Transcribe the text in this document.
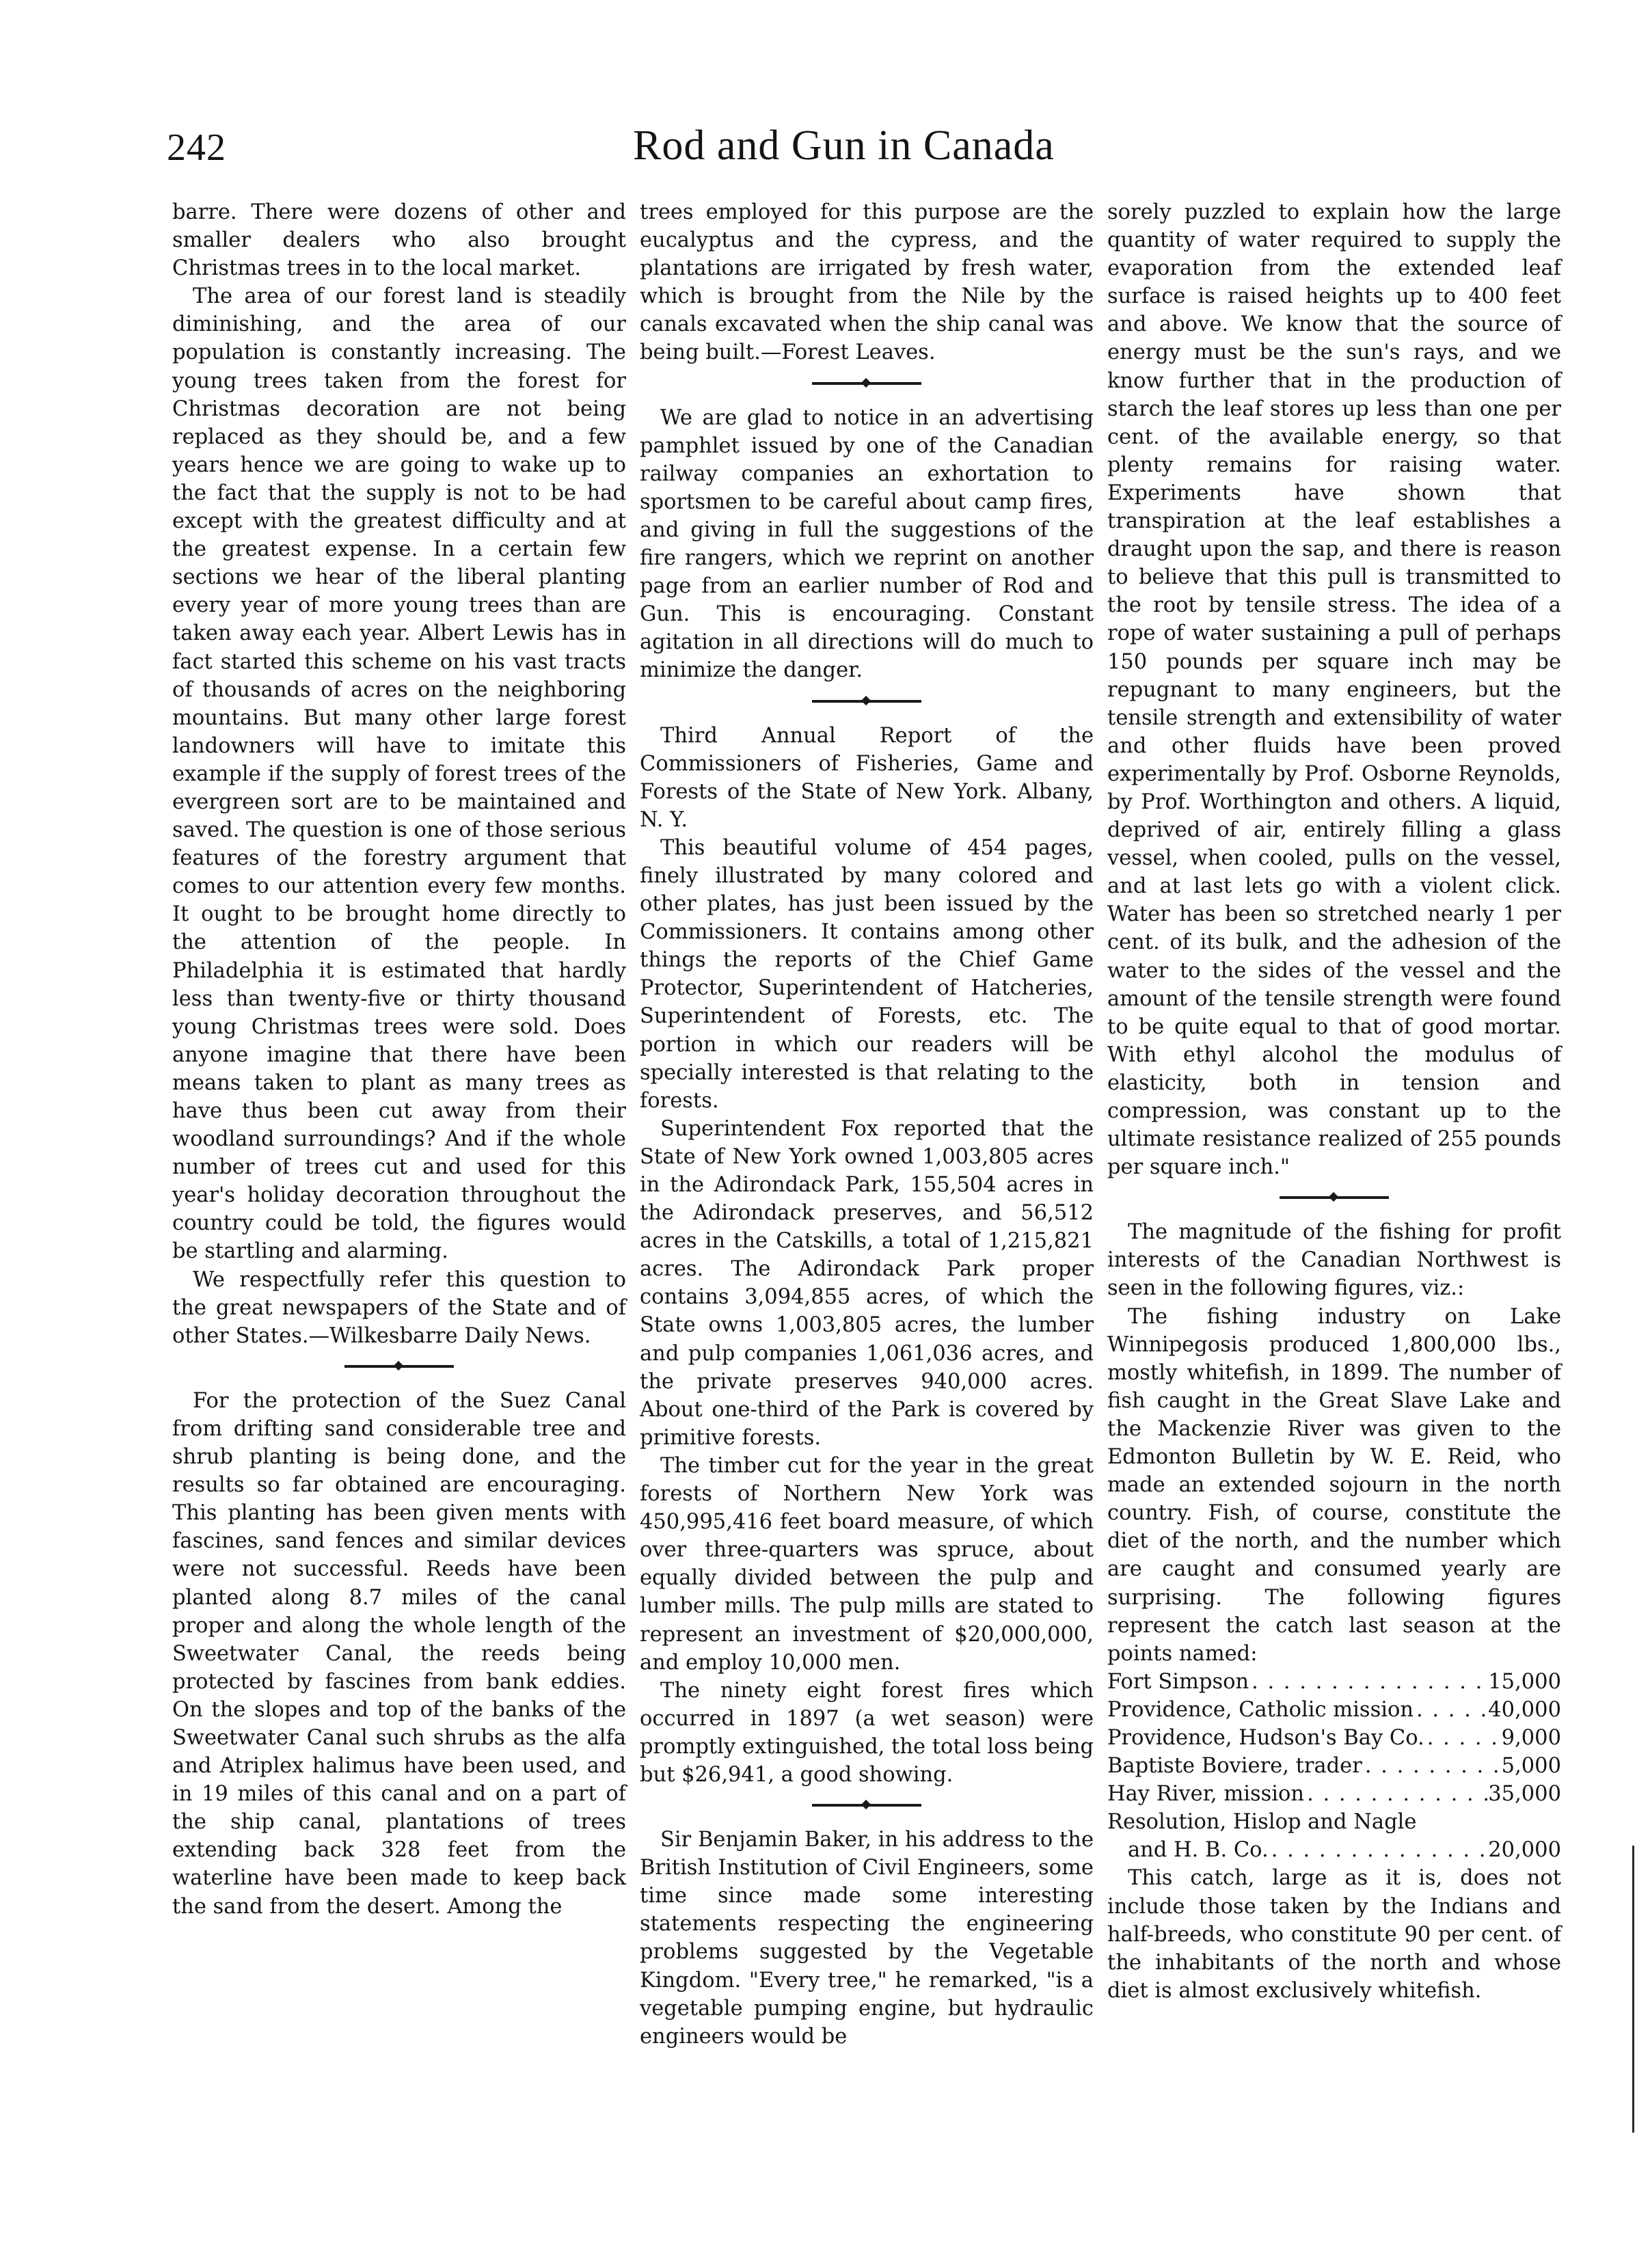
242	Rod and Gun in Canada

barre. There were dozens of other and smaller dealers who also brought Christmas trees in to the local market.

The area of our forest land is steadily diminishing, and the area of our population is constantly increasing. The young trees taken from the forest for Christmas decoration are not being replaced as they should be, and a few years hence we are going to wake up to the fact that the supply is not to be had except with the greatest difficulty and at the greatest expense. In a certain few sections we hear of the liberal planting every year of more young trees than are taken away each year. Albert Lewis has in fact started this scheme on his vast tracts of thousands of acres on the neighboring mountains. But many other large forest landowners will have to imitate this example if the supply of forest trees of the evergreen sort are to be maintained and saved. The question is one of those serious features of the forestry argument that comes to our attention every few months. It ought to be brought home directly to the attention of the people. In Philadelphia it is estimated that hardly less than twenty-five or thirty thousand young Christmas trees were sold. Does anyone imagine that there have been means taken to plant as many trees as have thus been cut away from their woodland surroundings? And if the whole number of trees cut and used for this year's holiday decoration throughout the country could be told, the figures would be startling and alarming.

We respectfully refer this question to the great newspapers of the State and of other States.—Wilkesbarre Daily News.

For the protection of the Suez Canal from drifting sand considerable tree and shrub planting is being done, and the results so far obtained are encouraging. This planting has been given ments with fascines, sand fences and similar devices were not successful. Reeds have been planted along 8.7 miles of the canal proper and along the whole length of the Sweetwater Canal, the reeds being protected by fascines from bank eddies. On the slopes and top of the banks of the Sweetwater Canal such shrubs as the alfa and Atriplex halimus have been used, and in 19 miles of this canal and on a part of the ship canal, plantations of trees extending back 328 feet from the waterline have been made to keep back the sand from the desert. Among the

trees employed for this purpose are the eucalyptus and the cypress, and the plantations are irrigated by fresh water, which is brought from the Nile by the canals excavated when the ship canal was being built.—Forest Leaves.

We are glad to notice in an advertising pamphlet issued by one of the Canadian railway companies an exhortation to sportsmen to be careful about camp fires, and giving in full the suggestions of the fire rangers, which we reprint on another page from an earlier number of Rod and Gun. This is encouraging. Constant agitation in all directions will do much to minimize the danger.

Third Annual Report of the Commissioners of Fisheries, Game and Forests of the State of New York. Albany, N. Y.

This beautiful volume of 454 pages, finely illustrated by many colored and other plates, has just been issued by the Commissioners. It contains among other things the reports of the Chief Game Protector, Superintendent of Hatcheries, Superintendent of Forests, etc. The portion in which our readers will be specially interested is that relating to the forests.

Superintendent Fox reported that the State of New York owned 1,003,805 acres in the Adirondack Park, 155,504 acres in the Adirondack preserves, and 56,512 acres in the Catskills, a total of 1,215,821 acres. The Adirondack Park proper contains 3,094,855 acres, of which the State owns 1,003,805 acres, the lumber and pulp companies 1,061,036 acres, and the private preserves 940,000 acres. About one-third of the Park is covered by primitive forests.

The timber cut for the year in the great forests of Northern New York was 450,995,416 feet board measure, of which over three-quarters was spruce, about equally divided between the pulp and lumber mills. The pulp mills are stated to represent an investment of $20,000,000, and employ 10,000 men.

The ninety eight forest fires which occurred in 1897 (a wet season) were promptly extinguished, the total loss being but $26,941, a good showing.

Sir Benjamin Baker, in his address to the British Institution of Civil Engineers, some time since made some interesting statements respecting the engineering problems suggested by the Vegetable Kingdom. "Every tree," he remarked, "is a vegetable pumping engine, but hydraulic engineers would be

sorely puzzled to explain how the large quantity of water required to supply the evaporation from the extended leaf surface is raised heights up to 400 feet and above. We know that the source of energy must be the sun's rays, and we know further that in the production of starch the leaf stores up less than one per cent. of the available energy, so that plenty remains for raising water. Experiments have shown that transpiration at the leaf establishes a draught upon the sap, and there is reason to believe that this pull is transmitted to the root by tensile stress. The idea of a rope of water sustaining a pull of perhaps 150 pounds per square inch may be repugnant to many engineers, but the tensile strength and extensibility of water and other fluids have been proved experimentally by Prof. Osborne Reynolds, by Prof. Worthington and others. A liquid, deprived of air, entirely filling a glass vessel, when cooled, pulls on the vessel, and at last lets go with a violent click. Water has been so stretched nearly 1 per cent. of its bulk, and the adhesion of the water to the sides of the vessel and the amount of the tensile strength were found to be quite equal to that of good mortar. With ethyl alcohol the modulus of elasticity, both in tension and compression, was constant up to the ultimate resistance realized of 255 pounds per square inch."

The magnitude of the fishing for profit interests of the Canadian Northwest is seen in the following figures, viz.:

The fishing industry on Lake Winnipegosis produced 1,800,000 lbs., mostly whitefish, in 1899. The number of fish caught in the Great Slave Lake and the Mackenzie River was given to the Edmonton Bulletin by W. E. Reid, who made an extended sojourn in the north country. Fish, of course, constitute the diet of the north, and the number which are caught and consumed yearly are surprising. The following figures represent the catch last season at the points named:

Fort Simpson . . .	15,000
Providence, Catholic mission . . .	40,000
Providence, Hudson's Bay Co. . . .	9,000
Baptiste Boviere, trader . . .	5,000
Hay River, mission . . .	35,000
Resolution, Hislop and Nagle
and H. B. Co. . . .	20,000

This catch, large as it is, does not include those taken by the Indians and half-breeds, who constitute 90 per cent. of the inhabitants of the north and whose diet is almost exclusively whitefish.
